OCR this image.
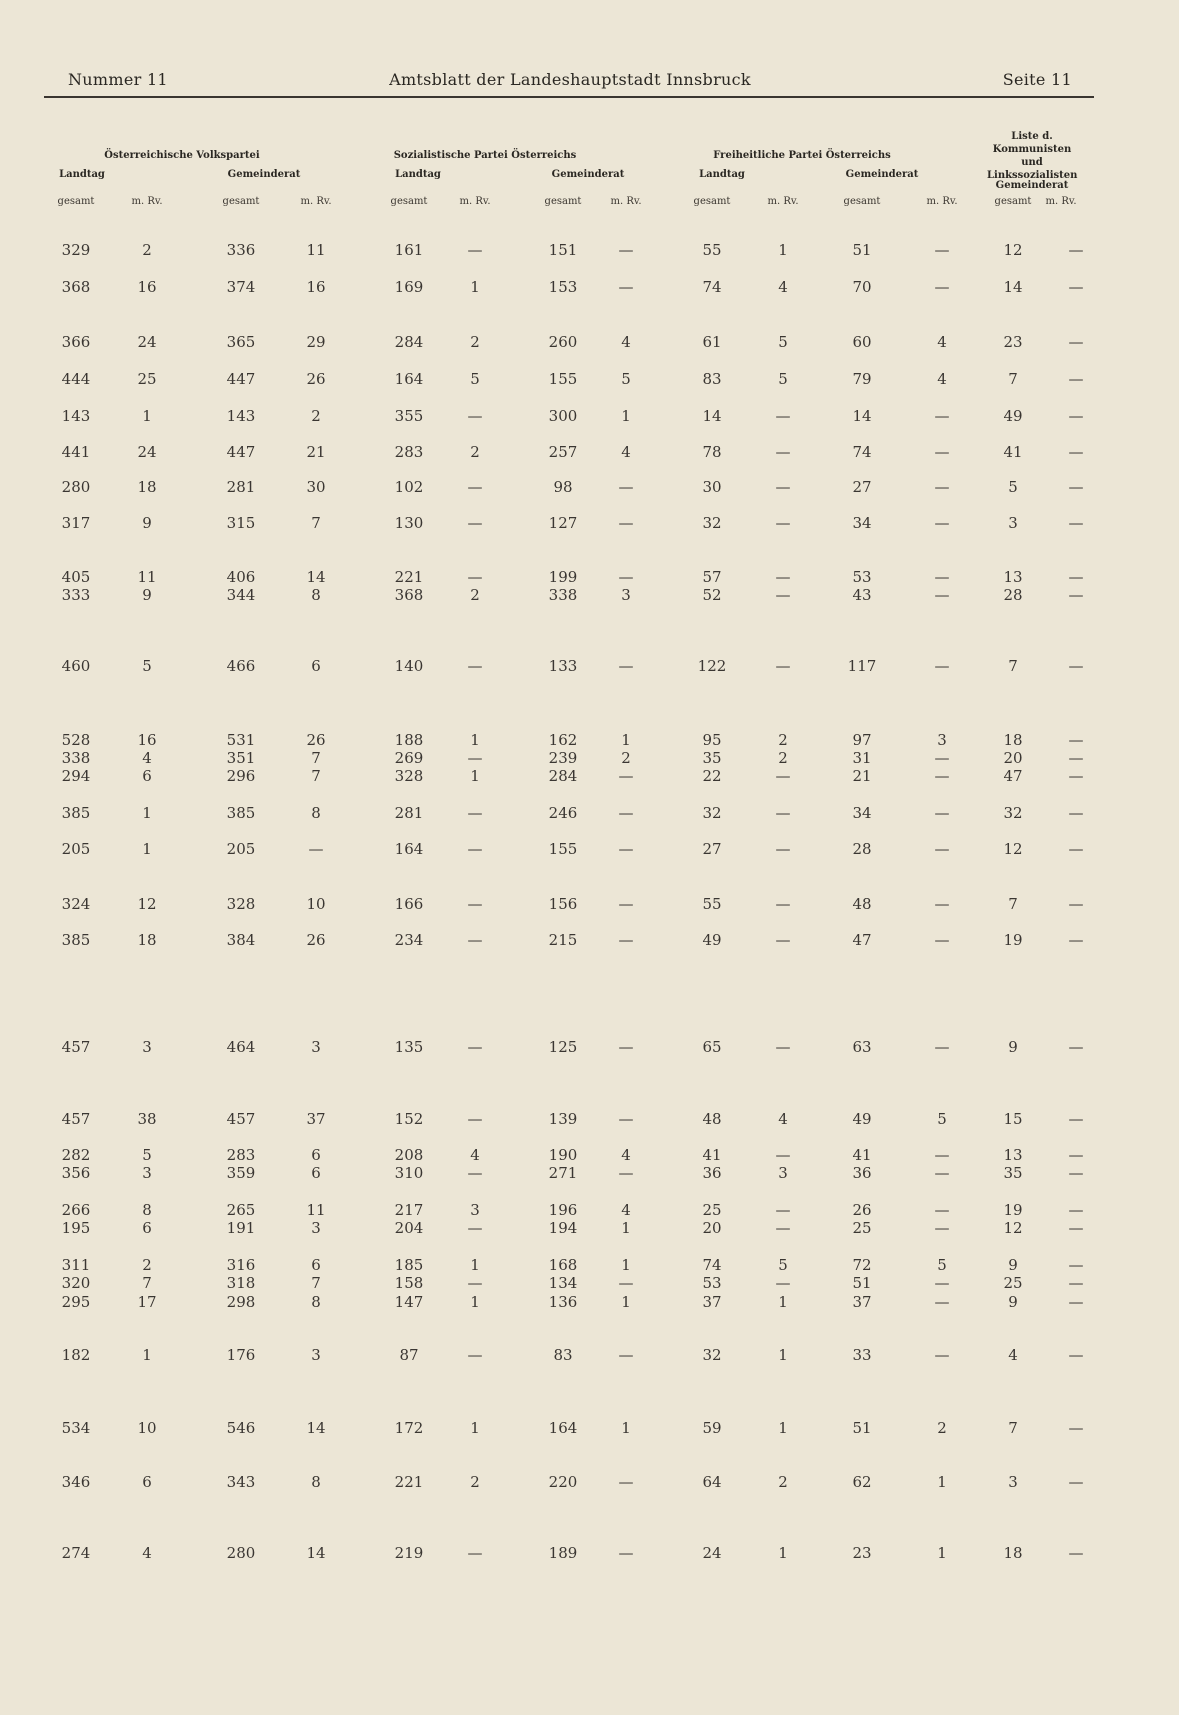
Nummer 11	Amtsblatt der Landeshauptstadt Innsbruck	Seite 11
Österreichische Volkspartei
Landtag	Gemeinderat
Sozialistische Partei Österreichs
Landtag	Gemeinderat
Freiheitliche Partei Österreichs
Landtag	Gemeinderat
Liste d. Kommunisten und Linkssozialisten
Gemeinderat
gesamt	m. Rv.	gesamt	m. Rv.	gesamt	m. Rv.	gesamt	m. Rv.	gesamt	m. Rv.	gesamt	m. Rv.	gesamt m. Rv.
329	2	336	11	161	—	151	—	55	1	51	—	12	—
368	16	374	16	169	1	153	—	74	4	70	—	14	—
366	24	365	29	284	2	260	4	61	5	60	4	23	—
444	25	447	26	164	5	155	5	83	5	79	4	7	—
143	1	143	2	355	—	300	1	14	—	14	—	49	—
441	24	447	21	283	2	257	4	78	—	74	—	41	—
280	18	281	30	102	—	98	—	30	—	27	—	5	—
317	9	315	7	130	—	127	—	32	—	34	—	3	—
405	11	406	14	221	—	199	—	57	—	53	—	13	—
333	9	344	8	368	2	338	3	52	—	43	—	28	—
460	5	466	6	140	—	133	—	122	—	117	—	7	—
528	16	531	26	188	1	162	1	95	2	97	3	18	—
338	4	351	7	269	—	239	2	35	2	31	—	20	—
294	6	296	7	328	1	284	—	22	—	21	—	47	—
385	1	385	8	281	—	246	—	32	—	34	—	32	—
205	1	205	—	164	—	155	—	27	—	28	—	12	—
324	12	328	10	166	—	156	—	55	—	48	—	7	—
385	18	384	26	234	—	215	—	49	—	47	—	19	—
457	3	464	3	135	—	125	—	65	—	63	—	9	—
457	38	457	37	152	—	139	—	48	4	49	5	15	—
282	5	283	6	208	4	190	4	41	—	41	—	13	—
356	3	359	6	310	—	271	—	36	3	36	—	35	—
266	8	265	11	217	3	196	4	25	—	26	—	19	—
195	6	191	3	204	—	194	1	20	—	25	—	12	—
311	2	316	6	185	1	168	1	74	5	72	5	9	—
320	7	318	7	158	—	134	—	53	—	51	—	25	—
295	17	298	8	147	1	136	1	37	1	37	—	9	—
182	1	176	3	87	—	83	—	32	1	33	—	4	—
534	10	546	14	172	1	164	1	59	1	51	2	7	—
346	6	343	8	221	2	220	—	64	2	62	1	3	—
274	4	280	14	219	—	189	—	24	1	23	1	18	—
